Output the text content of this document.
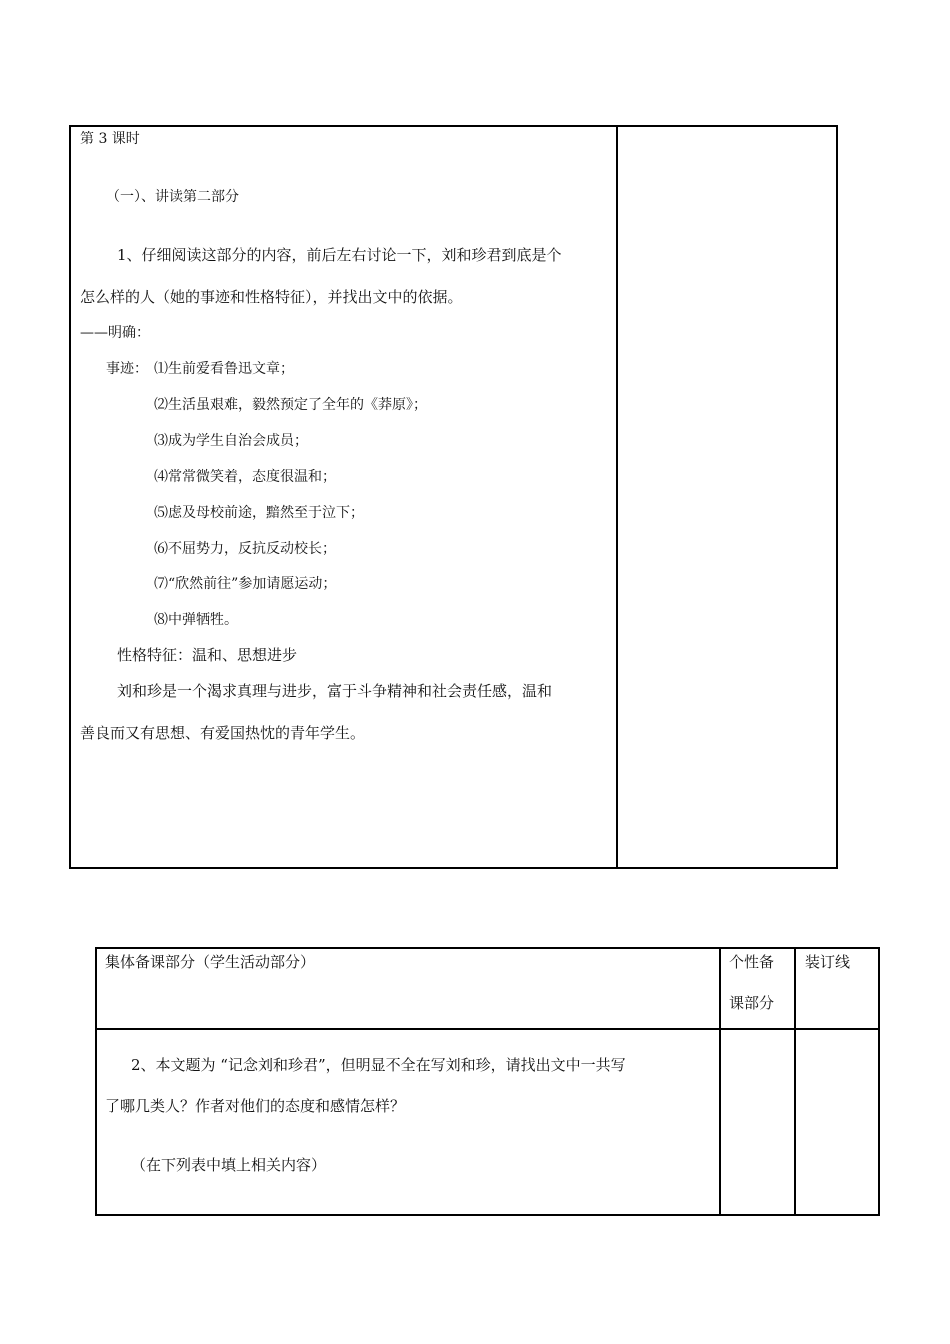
第 3 课时
（一）、讲读第二部分
1、仔细阅读这部分的内容，前后左右讨论一下，刘和珍君到底是个
怎么样的人（她的事迹和性格特征），并找出文中的依据。
——明确：
事迹： ⑴生前爱看鲁迅文章；
⑵生活虽艰难，毅然预定了全年的《莽原》；
⑶成为学生自治会成员；
⑷常常微笑着，态度很温和；
⑸虑及母校前途，黯然至于泣下；
⑹不屈势力，反抗反动校长；
⑺“欣然前往”参加请愿运动；
⑻中弹牺牲。
性格特征：温和、思想进步
刘和珍是一个渴求真理与进步，富于斗争精神和社会责任感，温和
善良而又有思想、有爱国热忱的青年学生。
集体备课部分（学生活动部分）	个性备
课部分
装订线
2、本文题为 “记念刘和珍君”，但明显不全在写刘和珍，请找出文中一共写
了哪几类人？作者对他们的态度和感情怎样？
（在下列表中填上相关内容）
